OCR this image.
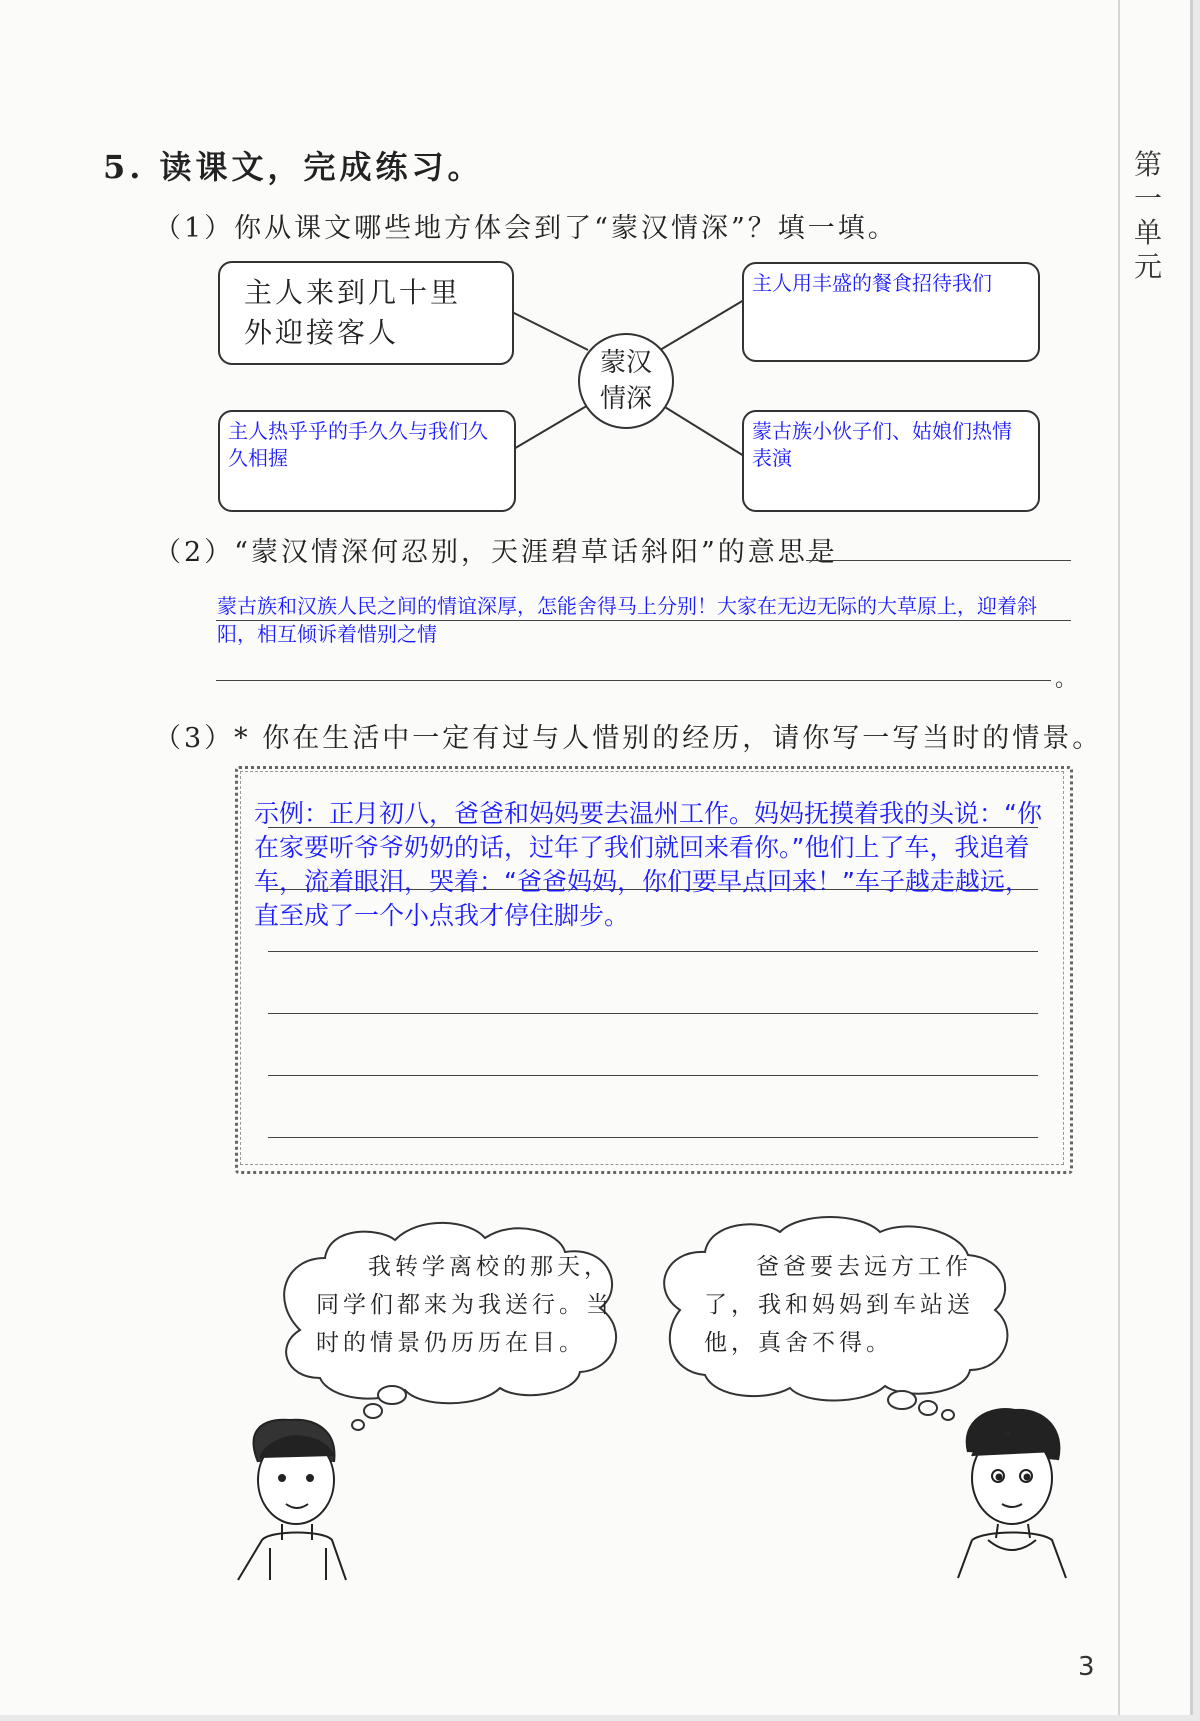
第一单元
5. 读课文，完成练习。
（1）你从课文哪些地方体会到了“蒙汉情深”？填一填。
主人来到几十里外迎接客人
主人用丰盛的餐食招待我们
主人热乎乎的手久久与我们久久相握
蒙古族小伙子们、姑娘们热情表演
蒙汉情深
（2）“蒙汉情深何忍别，天涯碧草话斜阳”的意思是
蒙古族和汉族人民之间的情谊深厚，怎能舍得马上分别！大家在无边无际的大草原上，迎着斜阳，相互倾诉着惜别之情
。
（3）* 你在生活中一定有过与人惜别的经历，请你写一写当时的情景。
示例：正月初八，爸爸和妈妈要去温州工作。妈妈抚摸着我的头说：“你在家要听爷爷奶奶的话，过年了我们就回来看你。”他们上了车，我追着车，流着眼泪，哭着：“爸爸妈妈，你们要早点回来！”车子越走越远，直至成了一个小点我才停住脚步。
我转学离校的那天，
同学们都来为我送行。当
时的情景仍历历在目。
爸爸要去远方工作
了，我和妈妈到车站送
他，真舍不得。
3
